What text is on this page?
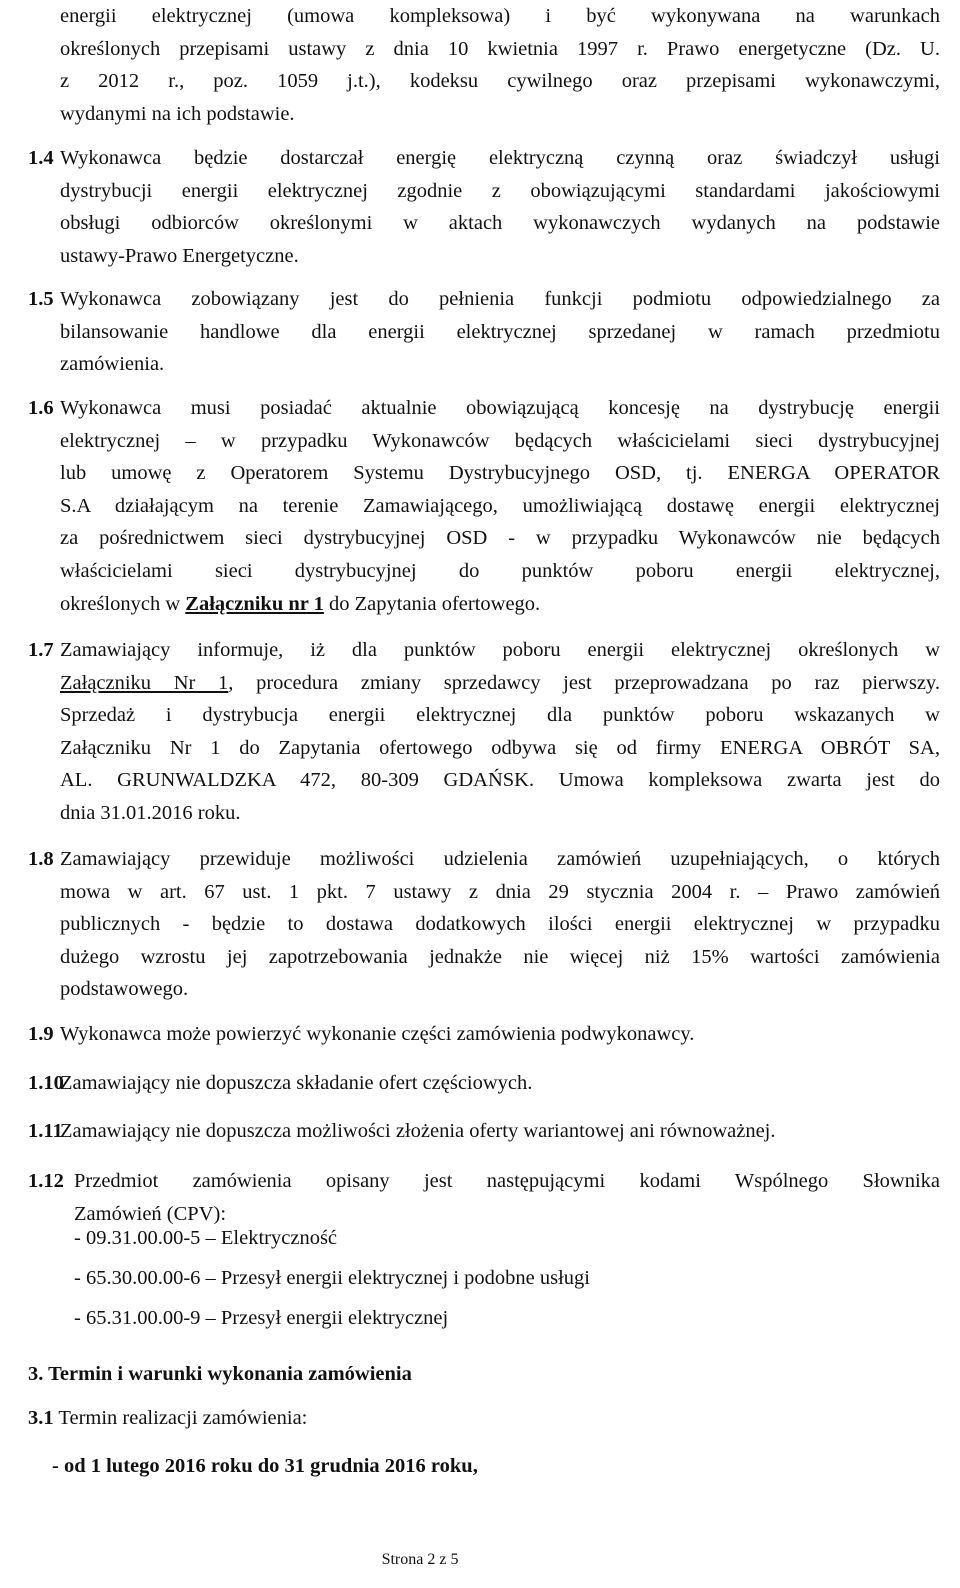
energii elektrycznej (umowa kompleksowa) i być wykonywana na warunkach

określonych przepisami ustawy z dnia 10 kwietnia 1997 r. Prawo energetyczne (Dz. U.

z 2012 r., poz. 1059 j.t.), kodeksu cywilnego oraz przepisami wykonawczymi,

wydanymi na ich podstawie.

1.4 Wykonawca będzie dostarczał energię elektryczną czynną oraz świadczył usługi

dystrybucji energii elektrycznej zgodnie z obowiązującymi standardami jakościowymi

obsługi odbiorców określonymi w aktach wykonawczych wydanych na podstawie

ustawy-Prawo Energetyczne.

1.5 Wykonawca zobowiązany jest do pełnienia funkcji podmiotu odpowiedzialnego za

bilansowanie handlowe dla energii elektrycznej sprzedanej w ramach przedmiotu

zamówienia.

1.6 Wykonawca musi posiadać aktualnie obowiązującą koncesję na dystrybucję energii

elektrycznej – w przypadku Wykonawców będących właścicielami sieci dystrybucyjnej

lub umowę z Operatorem Systemu Dystrybucyjnego OSD, tj. ENERGA OPERATOR

S.A działającym na terenie Zamawiającego, umożliwiającą dostawę energii elektrycznej

za pośrednictwem sieci dystrybucyjnej OSD - w przypadku Wykonawców nie będących

właścicielami sieci dystrybucyjnej do punktów poboru energii elektrycznej,

określonych w Załączniku nr 1 do Zapytania ofertowego.

1.7 Zamawiający informuje, iż dla punktów poboru energii elektrycznej określonych w

Załączniku Nr 1, procedura zmiany sprzedawcy jest przeprowadzana po raz pierwszy.

Sprzedaż i dystrybucja energii elektrycznej dla punktów poboru wskazanych w

Załączniku Nr 1 do Zapytania ofertowego odbywa się od firmy ENERGA OBRÓT SA,

AL. GRUNWALDZKA 472, 80-309 GDAŃSK. Umowa kompleksowa zwarta jest do

dnia 31.01.2016 roku.

1.8 Zamawiający przewiduje możliwości udzielenia zamówień uzupełniających, o których

mowa w art. 67 ust. 1 pkt. 7 ustawy z dnia 29 stycznia 2004 r. – Prawo zamówień

publicznych - będzie to dostawa dodatkowych ilości energii elektrycznej w przypadku

dużego wzrostu jej zapotrzebowania jednakże nie więcej niż 15% wartości zamówienia

podstawowego.

1.9 Wykonawca może powierzyć wykonanie części zamówienia podwykonawcy.

1.10

Zamawiający nie dopuszcza składanie ofert częściowych.

1.11

Zamawiający nie dopuszcza możliwości złożenia oferty wariantowej ani równoważnej.

1.12 Przedmiot zamówienia opisany jest następującymi kodami Wspólnego Słownika

Zamówień (CPV):

- 09.31.00.00-5 – Elektryczność

- 65.30.00.00-6 – Przesył energii elektrycznej i podobne usługi

- 65.31.00.00-9 – Przesył energii elektrycznej

3. Termin i warunki wykonania zamówienia

3.1 Termin realizacji zamówienia:

- od 1 lutego 2016 roku do 31 grudnia 2016 roku,

Strona 2 z 5
